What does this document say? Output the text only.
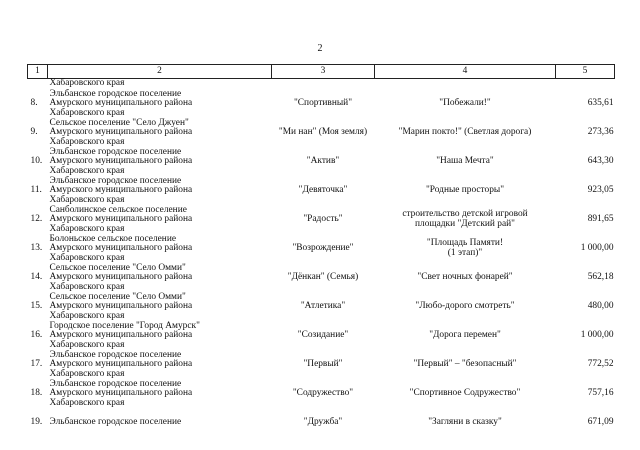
2
1	2	3	4	5
	Хабаровского края			
8.	Эльбанское городское поселение
Амурского муниципального района
Хабаровского края	"Спортивный"	"Побежали!"	635,61
9.	Сельское поселение "Село Джуен"
Амурского муниципального района
Хабаровского края	"Ми нан" (Моя земля)	"Марин покто!" (Светлая дорога)	273,36
10.	Эльбанское городское поселение
Амурского муниципального района
Хабаровского края	"Актив"	"Наша Мечта"	643,30
11.	Эльбанское городское поселение
Амурского муниципального района
Хабаровского края	"Девяточка"	"Родные просторы"	923,05
12.	Санболинское сельское поселение
Амурского муниципального района
Хабаровского края	"Радость"	строительство детской игровой
площадки "Детский рай"	891,65
13.	Болоньское сельское поселение
Амурского муниципального района
Хабаровского края	"Возрождение"	"Площадь Памяти!
(1 этап)"	1 000,00
14.	Сельское поселение "Село Омми"
Амурского муниципального района
Хабаровского края	"Дёнкан" (Семья)	"Свет ночных фонарей"	562,18
15.	Сельское поселение "Село Омми"
Амурского муниципального района
Хабаровского края	"Атлетика"	"Любо-дорого смотреть"	480,00
16.	Городское поселение "Город Амурск"
Амурского муниципального района
Хабаровского края	"Созидание"	"Дорога перемен"	1 000,00
17.	Эльбанское городское поселение
Амурского муниципального района
Хабаровского края	"Первый"	"Первый" – "безопасный"	772,52
18.	Эльбанское городское поселение
Амурского муниципального района
Хабаровского края	"Содружество"	"Спортивное Содружество"	757,16
19.	Эльбанское городское поселение	"Дружба"	"Загляни в сказку"	671,09
